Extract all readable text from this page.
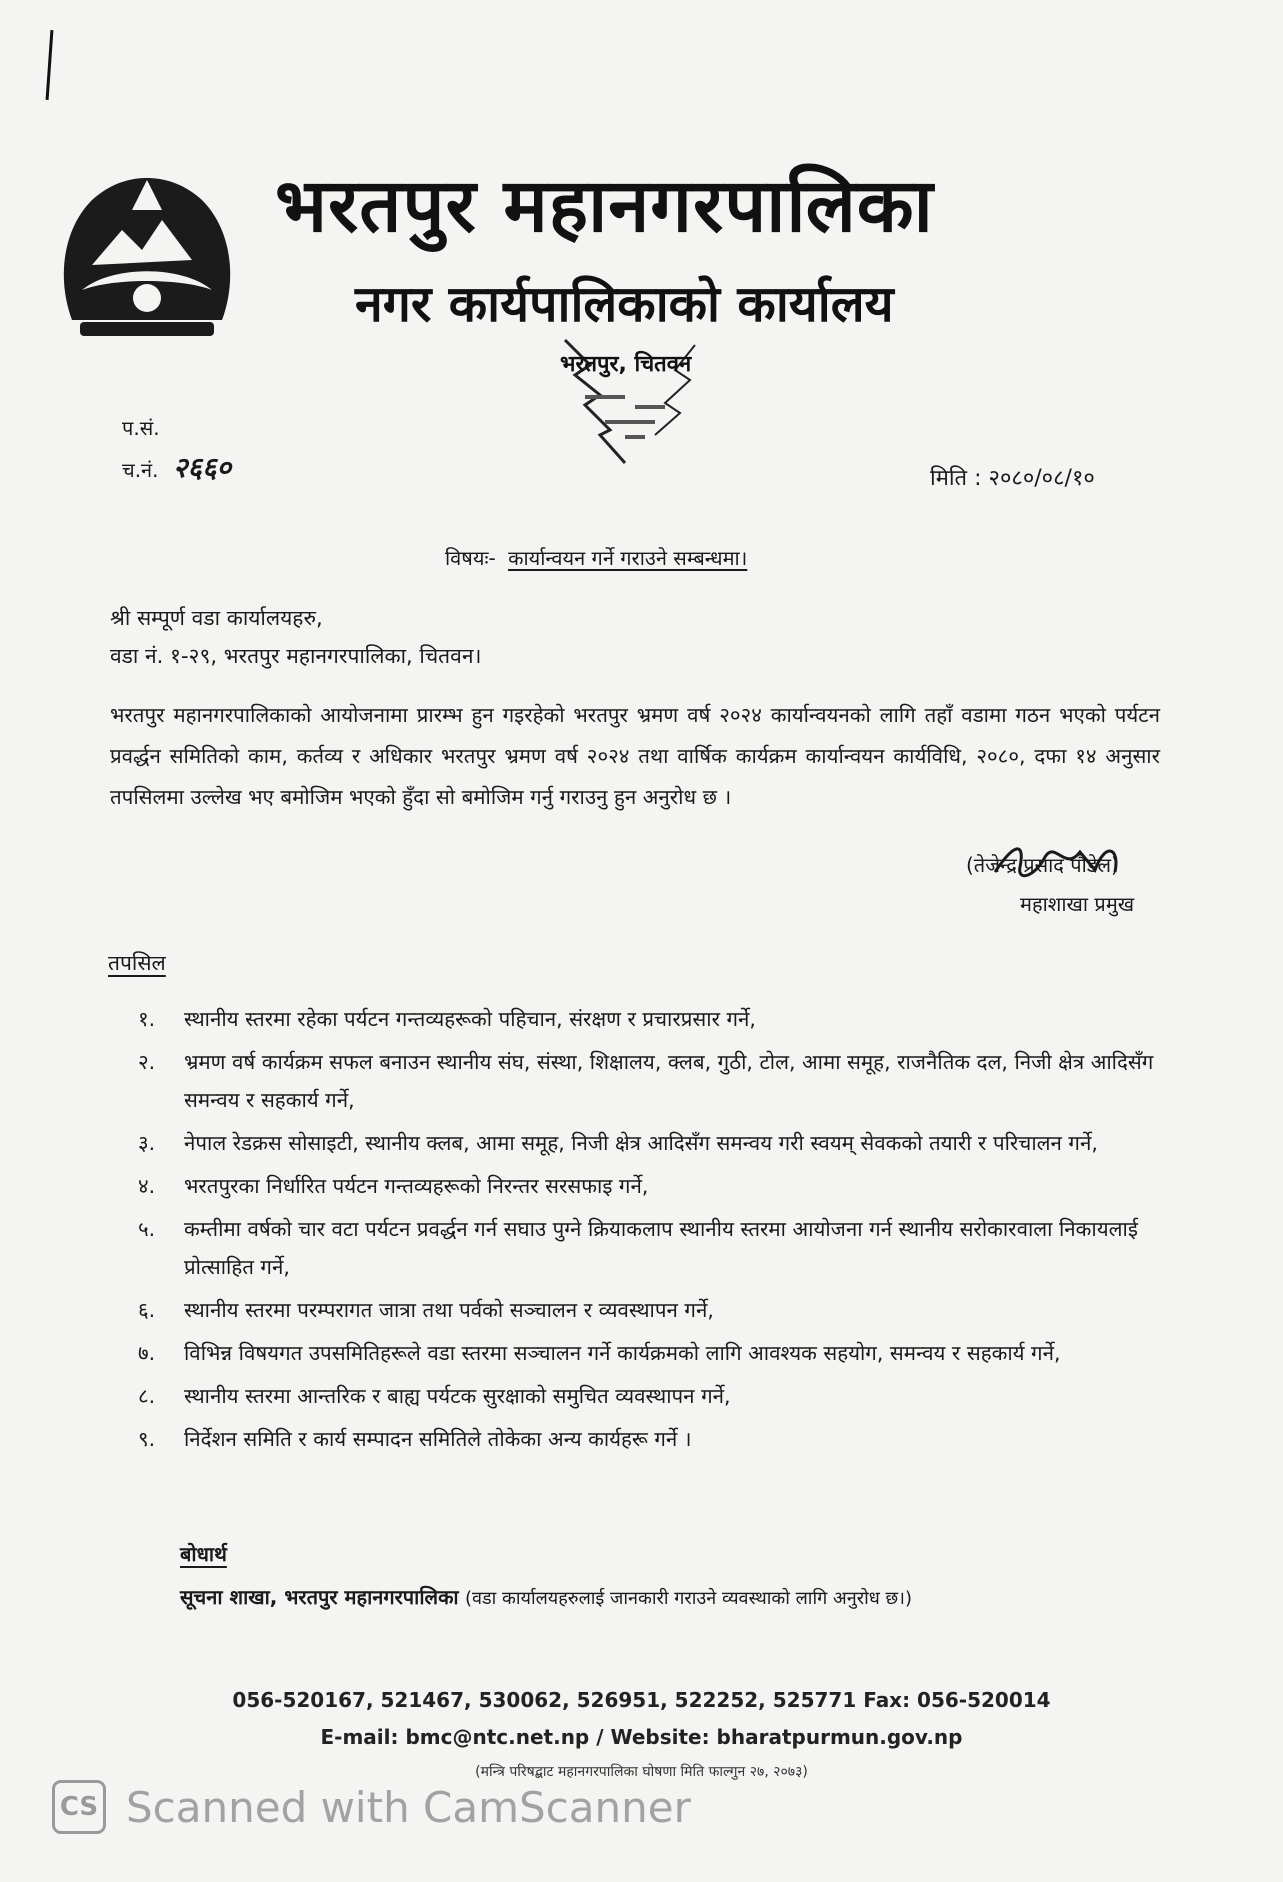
भरतपुर महानगरपालिका
नगर कार्यपालिकाको कार्यालय
भरतपुर, चितवन
प.सं.
च.नं. २६६०	मिति : २०८०/०८/१०
विषयः- कार्यान्वयन गर्ने गराउने सम्बन्धमा।
श्री सम्पूर्ण वडा कार्यालयहरु,
वडा नं. १-२९, भरतपुर महानगरपालिका, चितवन।
भरतपुर महानगरपालिकाको आयोजनामा प्रारम्भ हुन गइरहेको भरतपुर भ्रमण वर्ष २०२४ कार्यान्वयनको लागि तहाँ वडामा गठन भएको पर्यटन प्रवर्द्धन समितिको काम, कर्तव्य र अधिकार भरतपुर भ्रमण वर्ष २०२४ तथा वार्षिक कार्यक्रम कार्यान्वयन कार्यविधि, २०८०, दफा १४ अनुसार तपसिलमा उल्लेख भए बमोजिम भएको हुँदा सो बमोजिम गर्नु गराउनु हुन अनुरोध छ ।
(तेजेन्द्र प्रसाद पौडेल)
महाशाखा प्रमुख
तपसिल
१.	स्थानीय स्तरमा रहेका पर्यटन गन्तव्यहरूको पहिचान, संरक्षण र प्रचारप्रसार गर्ने,
२.	भ्रमण वर्ष कार्यक्रम सफल बनाउन स्थानीय संघ, संस्था, शिक्षालय, क्लब, गुठी, टोल, आमा समूह, राजनैतिक दल, निजी क्षेत्र आदिसँग समन्वय र सहकार्य गर्ने,
३.	नेपाल रेडक्रस सोसाइटी, स्थानीय क्लब, आमा समूह, निजी क्षेत्र आदिसँग समन्वय गरी स्वयम् सेवकको तयारी र परिचालन गर्ने,
४.	भरतपुरका निर्धारित पर्यटन गन्तव्यहरूको निरन्तर सरसफाइ गर्ने,
५.	कम्तीमा वर्षको चार वटा पर्यटन प्रवर्द्धन गर्न सघाउ पुग्ने क्रियाकलाप स्थानीय स्तरमा आयोजना गर्न स्थानीय सरोकारवाला निकायलाई प्रोत्साहित गर्ने,
६.	स्थानीय स्तरमा परम्परागत जात्रा तथा पर्वको सञ्चालन र व्यवस्थापन गर्ने,
७.	विभिन्न विषयगत उपसमितिहरूले वडा स्तरमा सञ्चालन गर्ने कार्यक्रमको लागि आवश्यक सहयोग, समन्वय र सहकार्य गर्ने,
८.	स्थानीय स्तरमा आन्तरिक र बाह्य पर्यटक सुरक्षाको समुचित व्यवस्थापन गर्ने,
९.	निर्देशन समिति र कार्य सम्पादन समितिले तोकेका अन्य कार्यहरू गर्ने ।
बोधार्थ
सूचना शाखा, भरतपुर महानगरपालिका (वडा कार्यालयहरुलाई जानकारी गराउने व्यवस्थाको लागि अनुरोध छ।)
056-520167, 521467, 530062, 526951, 522252, 525771 Fax: 056-520014
E-mail: bmc@ntc.net.np / Website: bharatpurmun.gov.np
(मन्त्रि परिषद्बाट महानगरपालिका घोषणा मिति फाल्गुन २७, २०७३)
CS Scanned with CamScanner
